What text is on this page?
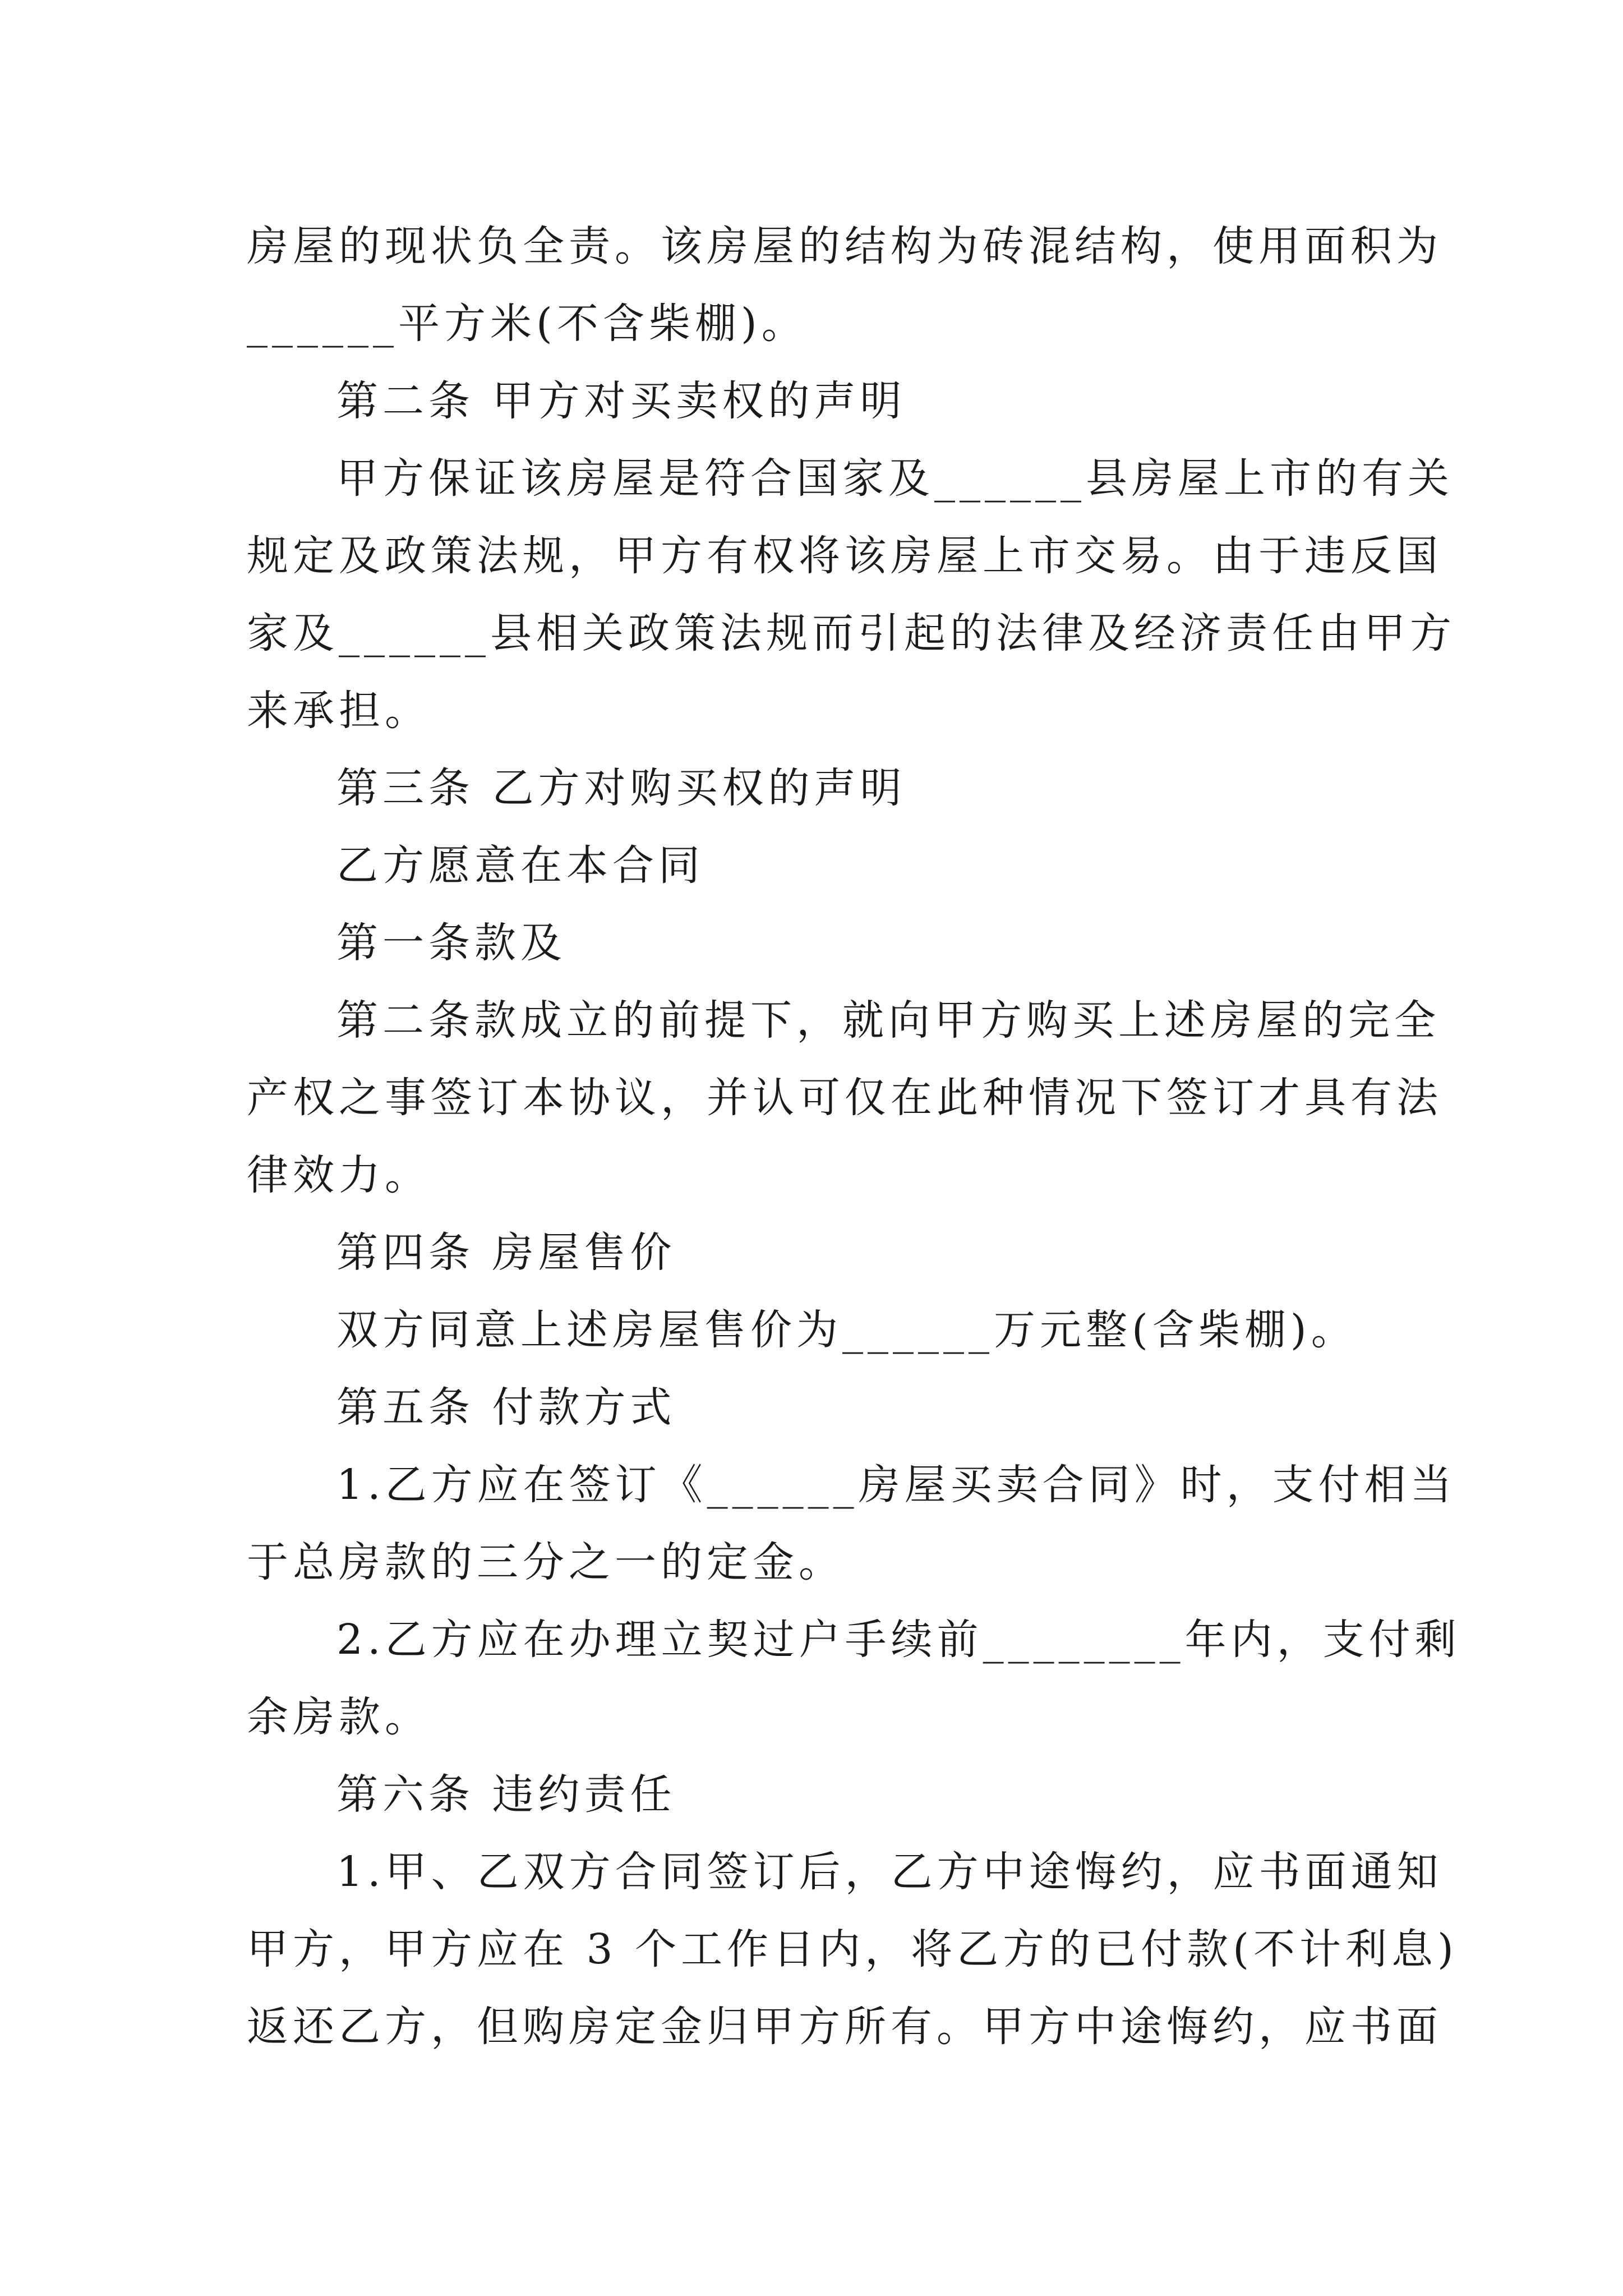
房屋的现状负全责。该房屋的结构为砖混结构，使用面积为
______平方米(不含柴棚)。
第二条 甲方对买卖权的声明
甲方保证该房屋是符合国家及______县房屋上市的有关
规定及政策法规，甲方有权将该房屋上市交易。由于违反国
家及______县相关政策法规而引起的法律及经济责任由甲方
来承担。
第三条 乙方对购买权的声明
乙方愿意在本合同
第一条款及
第二条款成立的前提下，就向甲方购买上述房屋的完全
产权之事签订本协议，并认可仅在此种情况下签订才具有法
律效力。
第四条 房屋售价
双方同意上述房屋售价为______万元整(含柴棚)。
第五条 付款方式
1.乙方应在签订《______房屋买卖合同》时，支付相当
于总房款的三分之一的定金。
2.乙方应在办理立契过户手续前________年内，支付剩
余房款。
第六条 违约责任
1.甲、乙双方合同签订后，乙方中途悔约，应书面通知
甲方，甲方应在 3 个工作日内，将乙方的已付款(不计利息)
返还乙方，但购房定金归甲方所有。甲方中途悔约，应书面
